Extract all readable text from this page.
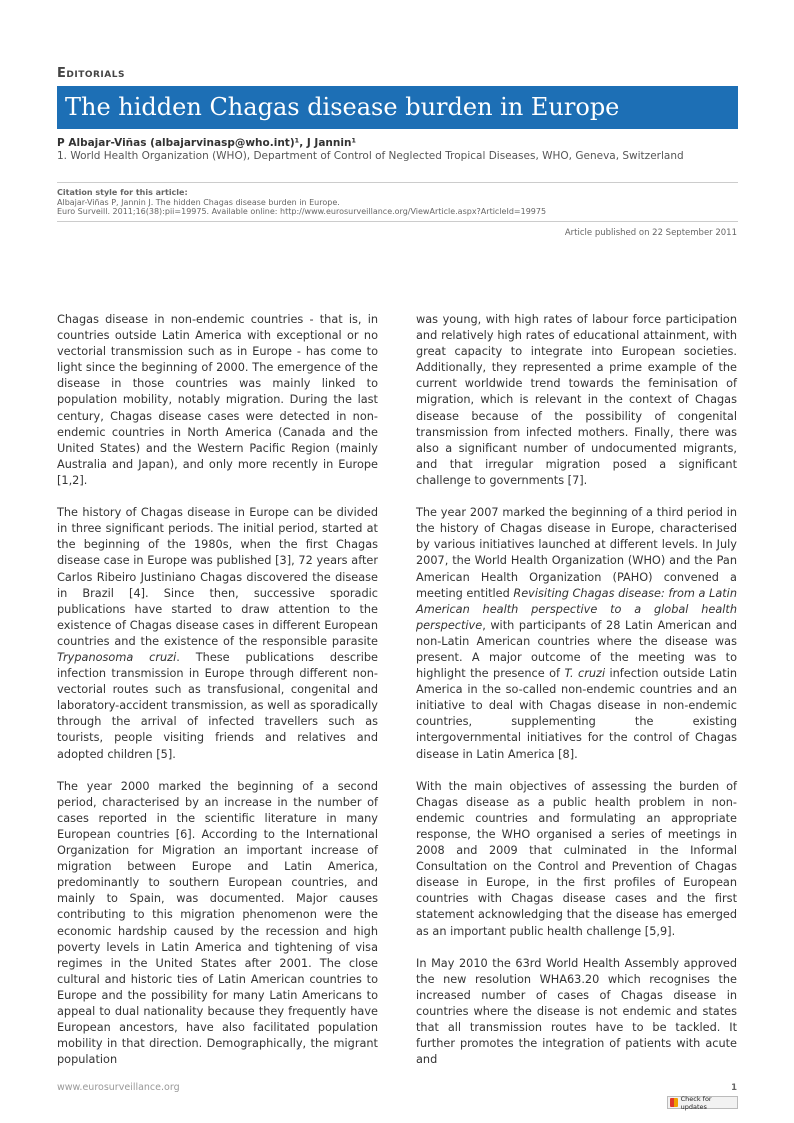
Editorials
The hidden Chagas disease burden in Europe
P Albajar-Viñas (albajarvinasp@who.int)¹, J Jannin¹
1. World Health Organization (WHO), Department of Control of Neglected Tropical Diseases, WHO, Geneva, Switzerland
Citation style for this article:
Albajar-Viñas P, Jannin J. The hidden Chagas disease burden in Europe.
Euro Surveill. 2011;16(38):pii=19975. Available online: http://www.eurosurveillance.org/ViewArticle.aspx?ArticleId=19975
Article published on 22 September 2011

Chagas disease in non-endemic countries - that is, in countries outside Latin America with exceptional or no vectorial transmission such as in Europe - has come to light since the beginning of 2000. The emergence of the disease in those countries was mainly linked to population mobility, notably migration. During the last century, Chagas disease cases were detected in non-endemic countries in North America (Canada and the United States) and the Western Pacific Region (mainly Australia and Japan), and only more recently in Europe [1,2].

The history of Chagas disease in Europe can be divided in three significant periods. The initial period, started at the beginning of the 1980s, when the first Chagas disease case in Europe was published [3], 72 years after Carlos Ribeiro Justiniano Chagas discovered the disease in Brazil [4]. Since then, successive sporadic publications have started to draw attention to the existence of Chagas disease cases in different European countries and the existence of the responsible parasite Trypanosoma cruzi. These publications describe infection transmission in Europe through different non-vectorial routes such as transfusional, congenital and laboratory-accident transmission, as well as sporadically through the arrival of infected travellers such as tourists, people visiting friends and relatives and adopted children [5].

The year 2000 marked the beginning of a second period, characterised by an increase in the number of cases reported in the scientific literature in many European countries [6]. According to the International Organization for Migration an important increase of migration between Europe and Latin America, predominantly to southern European countries, and mainly to Spain, was documented. Major causes contributing to this migration phenomenon were the economic hardship caused by the recession and high poverty levels in Latin America and tightening of visa regimes in the United States after 2001. The close cultural and historic ties of Latin American countries to Europe and the possibility for many Latin Americans to appeal to dual nationality because they frequently have European ancestors, have also facilitated population mobility in that direction. Demographically, the migrant population

was young, with high rates of labour force participation and relatively high rates of educational attainment, with great capacity to integrate into European societies. Additionally, they represented a prime example of the current worldwide trend towards the feminisation of migration, which is relevant in the context of Chagas disease because of the possibility of congenital transmission from infected mothers. Finally, there was also a significant number of undocumented migrants, and that irregular migration posed a significant challenge to governments [7].

The year 2007 marked the beginning of a third period in the history of Chagas disease in Europe, characterised by various initiatives launched at different levels. In July 2007, the World Health Organization (WHO) and the Pan American Health Organization (PAHO) convened a meeting entitled Revisiting Chagas disease: from a Latin American health perspective to a global health perspective, with participants of 28 Latin American and non-Latin American countries where the disease was present. A major outcome of the meeting was to highlight the presence of T. cruzi infection outside Latin America in the so-called non-endemic countries and an initiative to deal with Chagas disease in non-endemic countries, supplementing the existing intergovernmental initiatives for the control of Chagas disease in Latin America [8].

With the main objectives of assessing the burden of Chagas disease as a public health problem in non-endemic countries and formulating an appropriate response, the WHO organised a series of meetings in 2008 and 2009 that culminated in the Informal Consultation on the Control and Prevention of Chagas disease in Europe, in the first profiles of European countries with Chagas disease cases and the first statement acknowledging that the disease has emerged as an important public health challenge [5,9].

In May 2010 the 63rd World Health Assembly approved the new resolution WHA63.20 which recognises the increased number of cases of Chagas disease in countries where the disease is not endemic and states that all transmission routes have to be tackled. It further promotes the integration of patients with acute and

www.eurosurveillance.org	1
Check for updates
